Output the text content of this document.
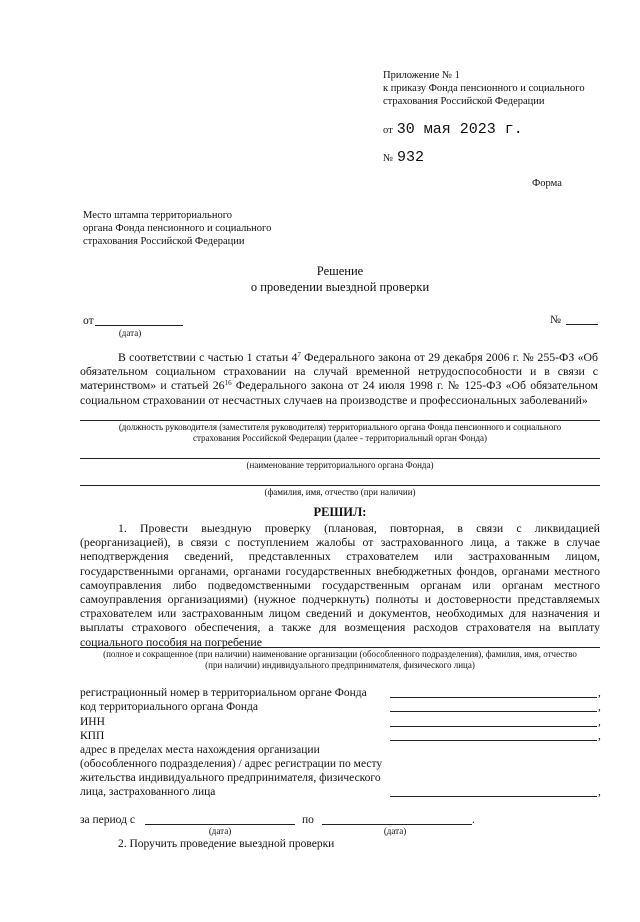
Приложение № 1
к приказу Фонда пенсионного и социального
страхования Российской Федерации
от 30 мая 2023 г.
№ 932
Форма
Место штампа территориального
органа Фонда пенсионного и социального
страхования Российской Федерации
Решение
о проведении выездной проверки
от
(дата)
№
В соответствии с частью 1 статьи $4^7$ Федерального закона от 29 декабря 2006 г. № 255-ФЗ «Об обязательном социальном страховании на случай временной нетрудоспособности и в связи с материнством» и статьей $26^{16}$ Федерального закона от 24 июля 1998 г. № 125-ФЗ «Об обязательном социальном страховании от несчастных случаев на производстве и профессиональных заболеваний»
(должность руководителя (заместителя руководителя) территориального органа Фонда пенсионного и социального
страхования Российской Федерации (далее - территориальный орган Фонда)
(наименование территориального органа Фонда)
(фамилия, имя, отчество (при наличии)
РЕШИЛ:
1. Провести выездную проверку (плановая, повторная, в связи с ликвидацией (реорганизацией), в связи с поступлением жалобы от застрахованного лица, а также в случае неподтверждения сведений, представленных страхователем или застрахованным лицом, государственными органами, органами государственных внебюджетных фондов, органами местного самоуправления либо подведомственными государственным органам или органам местного самоуправления организациями) (нужное подчеркнуть) полноты и достоверности представляемых страхователем или застрахованным лицом сведений и документов, необходимых для назначения и выплаты страхового обеспечения, а также для возмещения расходов страхователя на выплату социального пособия на погребение
(полное и сокращенное (при наличии) наименование организации (обособленного подразделения), фамилия, имя, отчество
(при наличии) индивидуального предпринимателя, физического лица)
регистрационный номер в территориальном органе Фонда	,
код территориального органа Фонда	,
ИНН	,
КПП	,
адрес в пределах места нахождения организации
(обособленного подразделения) / адрес регистрации по месту
жительства индивидуального предпринимателя, физического
лица, застрахованного лица	,
за период с	по	.
(дата)	(дата)
2. Поручить проведение выездной проверки
